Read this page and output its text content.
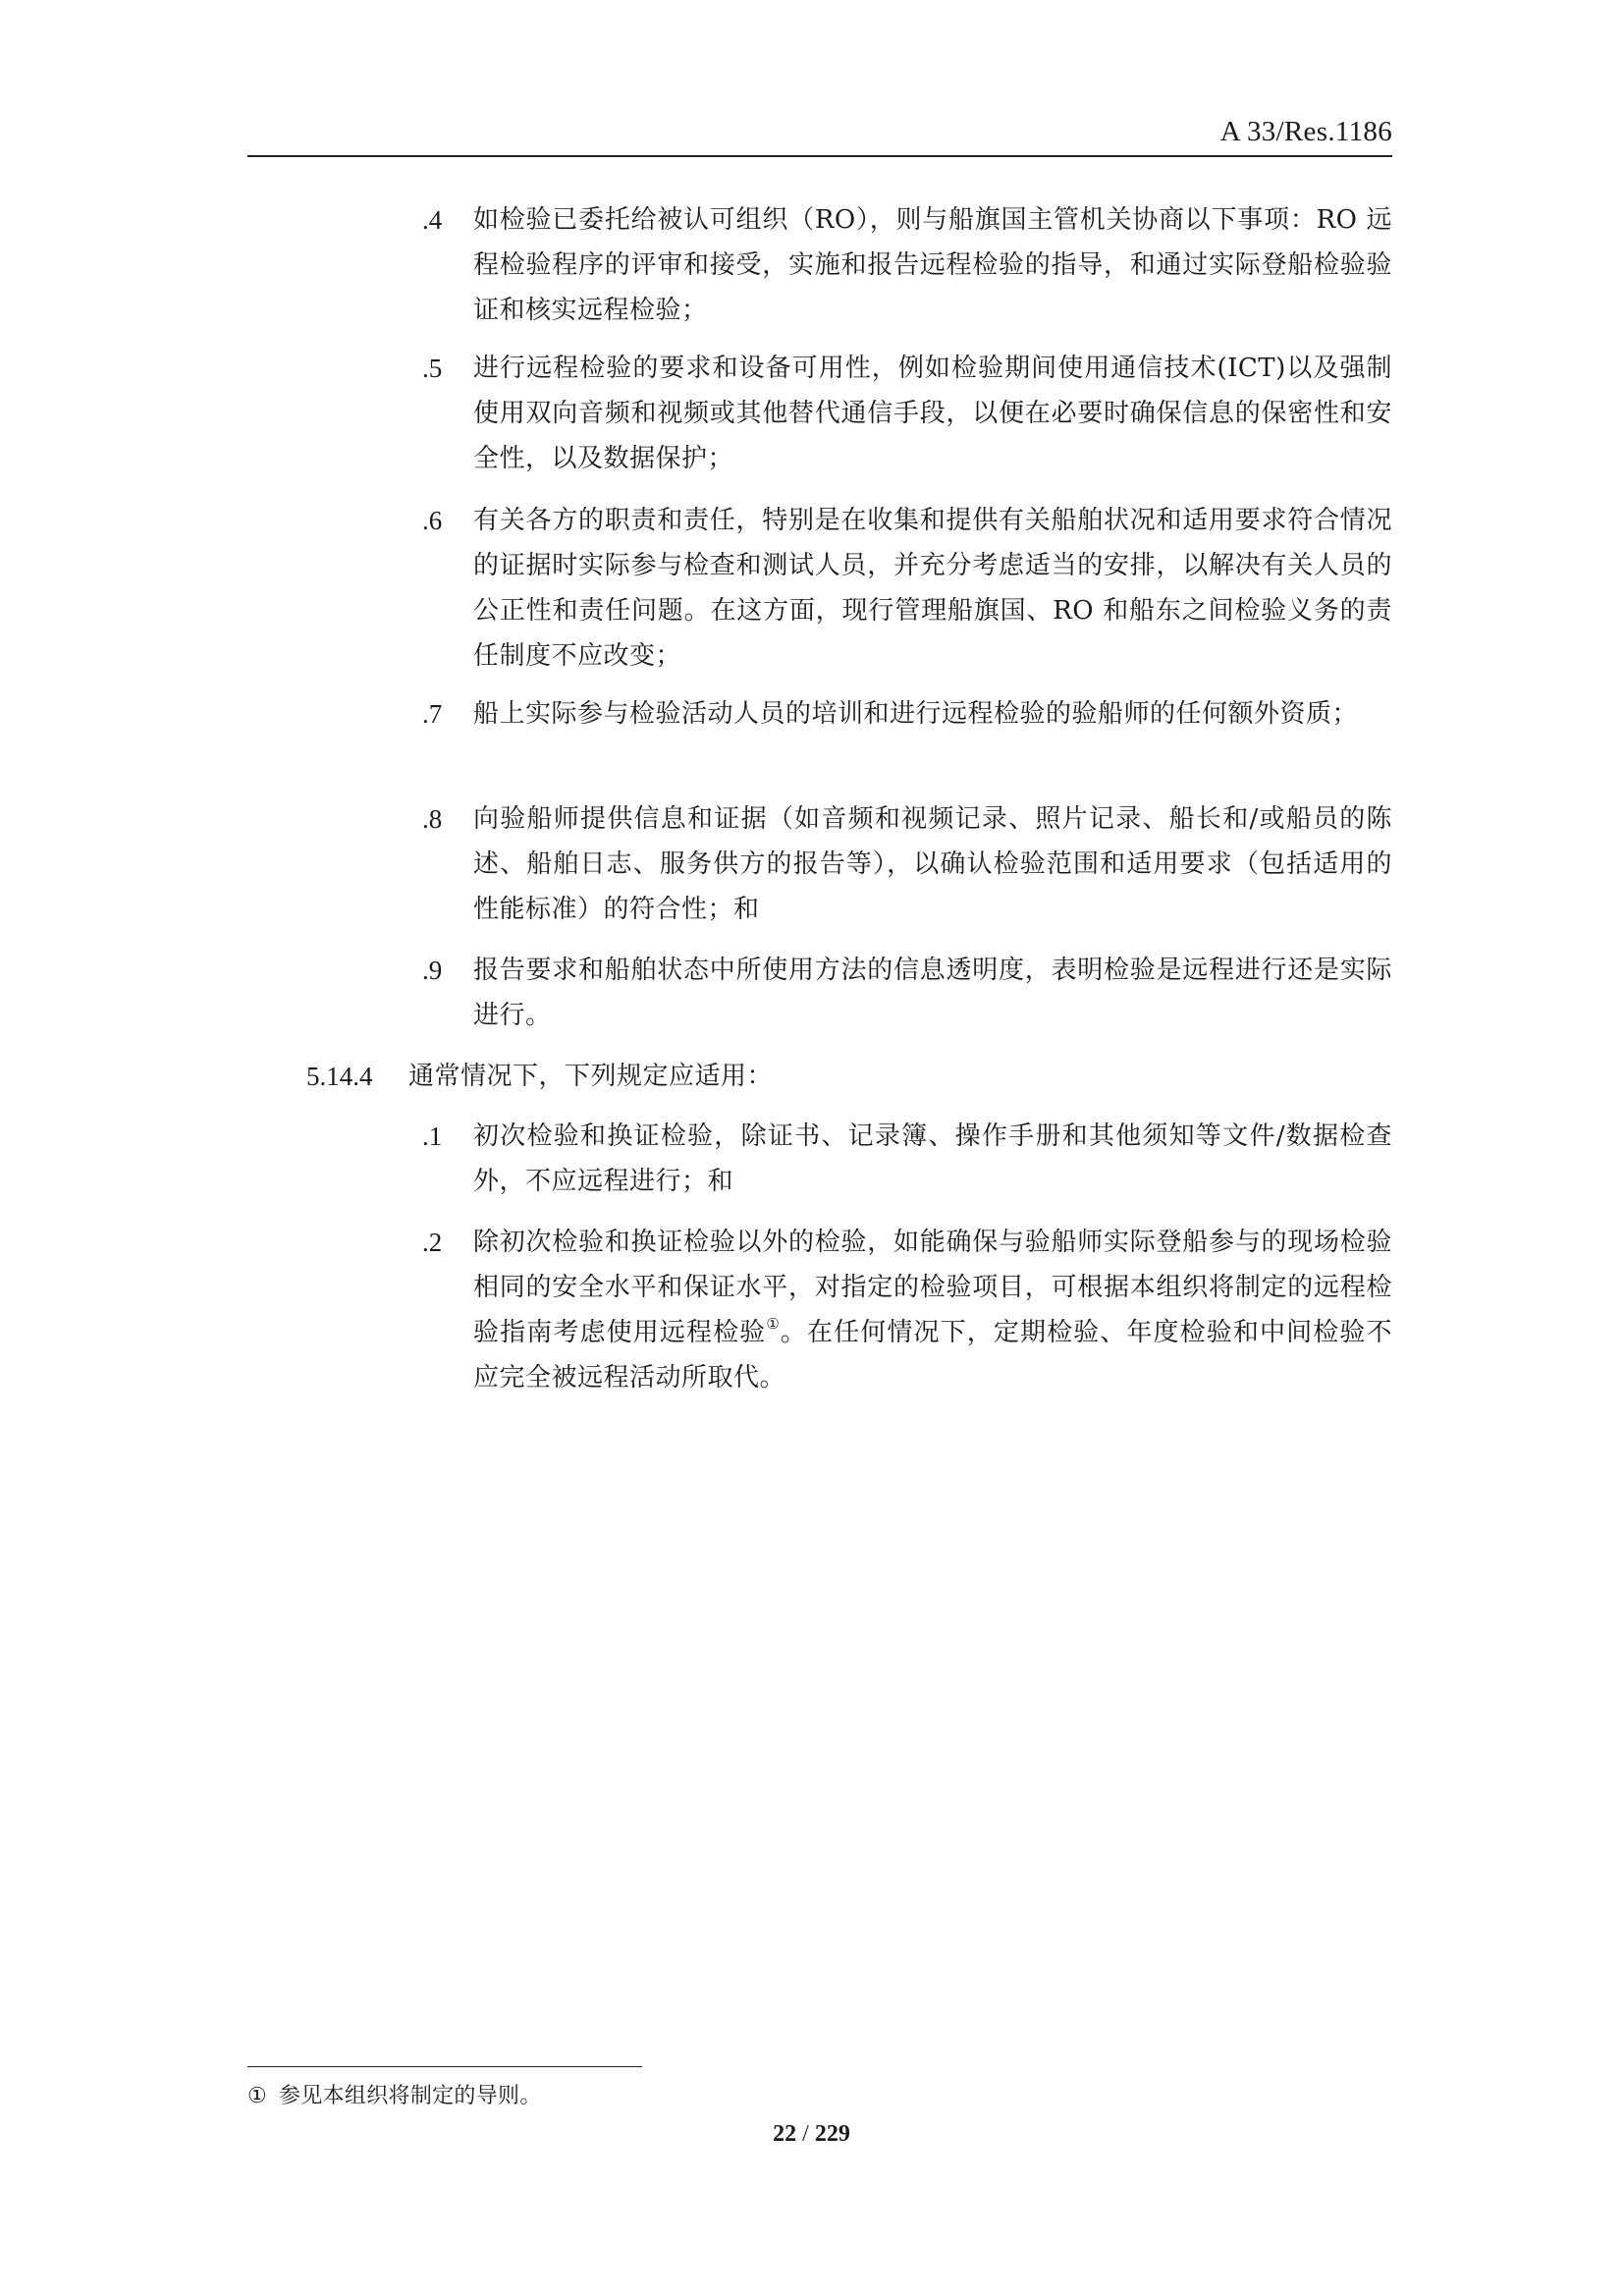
A 33/Res.1186
.4 如检验已委托给被认可组织（RO），则与船旗国主管机关协商以下事项：RO 远程检验程序的评审和接受，实施和报告远程检验的指导，和通过实际登船检验验证和核实远程检验；
.5 进行远程检验的要求和设备可用性，例如检验期间使用通信技术(ICT)以及强制使用双向音频和视频或其他替代通信手段，以便在必要时确保信息的保密性和安全性，以及数据保护；
.6 有关各方的职责和责任，特别是在收集和提供有关船舶状况和适用要求符合情况的证据时实际参与检查和测试人员，并充分考虑适当的安排，以解决有关人员的公正性和责任问题。在这方面，现行管理船旗国、RO 和船东之间检验义务的责任制度不应改变；
.7 船上实际参与检验活动人员的培训和进行远程检验的验船师的任何额外资质；
.8 向验船师提供信息和证据（如音频和视频记录、照片记录、船长和/或船员的陈述、船舶日志、服务供方的报告等），以确认检验范围和适用要求（包括适用的性能标准）的符合性；和
.9 报告要求和船舶状态中所使用方法的信息透明度，表明检验是远程进行还是实际进行。
5.14.4 通常情况下，下列规定应适用：
.1 初次检验和换证检验，除证书、记录簿、操作手册和其他须知等文件/数据检查外，不应远程进行；和
.2 除初次检验和换证检验以外的检验，如能确保与验船师实际登船参与的现场检验相同的安全水平和保证水平，对指定的检验项目，可根据本组织将制定的远程检验指南考虑使用远程检验①。在任何情况下，定期检验、年度检验和中间检验不应完全被远程活动所取代。
① 参见本组织将制定的导则。
22 / 229
